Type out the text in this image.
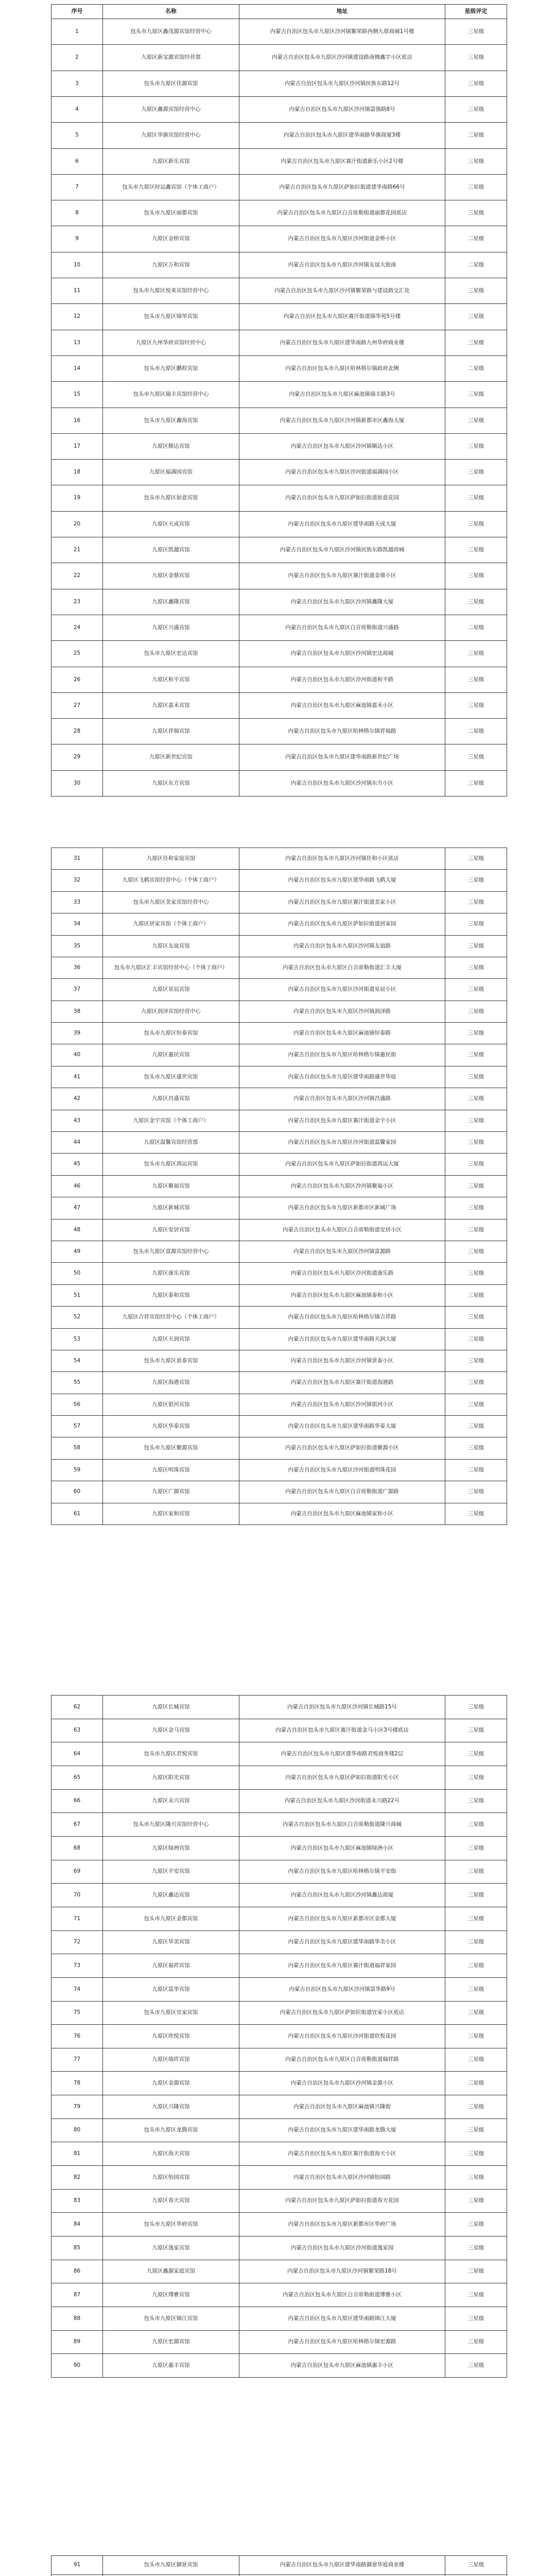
序号	名称	地址	星级评定
1	包头市九原区鑫茂源宾馆经营中心	内蒙古自治区包头市九原区沙河镇繁荣路西侧九原商城1号楼	三星级
2	九原区新宝源宾馆经营部	内蒙古自治区包头市九原区沙河镇建设路南侧鑫宇小区底店	三星级
3	包头市九原区佳源宾馆	内蒙古自治区包头市九原区沙河镇民族东路12号	三星级
4	九原区鑫源宾馆经营中心	内蒙古自治区包头市九原区沙河镇富强路8号	三星级
5	九原区华旗宾馆经营中心	内蒙古自治区包头市九原区建华南路华旗商厦3楼	三星级
6	九原区新乐宾馆	内蒙古自治区包头市九原区赛汗街道新乐小区2号楼	三星级
7	包头市九原区时运鑫宾馆（个体工商户）	内蒙古自治区包头市九原区萨如拉街道建华南路66号	三星级
8	包头市九原区丽都宾馆	内蒙古自治区包头市九原区白音席勒街道丽都花园底店	三星级
9	九原区金桥宾馆	内蒙古自治区包头市九原区沙河街道金桥小区	二星级
10	九原区万和宾馆	内蒙古自治区包头市九原区沙河镇友谊大街南	二星级
11	包头市九原区悦来宾馆经营中心	内蒙古自治区包头市九原区沙河镇繁荣路与建设路交汇处	三星级
12	包头市九原区锦华宾馆	内蒙古自治区包头市九原区赛汗街道锦华苑5号楼	三星级
13	九原区九州华府宾馆经营中心	内蒙古自治区包头市九原区建华南路九州华府商业楼	三星级
14	包头市九原区鹏程宾馆	内蒙古自治区包头市九原区哈林格尔镇政府北侧	二星级
15	包头市九原区瑞丰宾馆经营中心	内蒙古自治区包头市九原区麻池镇瑞丰路3号	三星级
16	包头市九原区鑫海宾馆	内蒙古自治区包头市九原区沙河镇新都市区鑫海大厦	三星级
17	九原区顺达宾馆	内蒙古自治区包头市九原区沙河镇顺达小区	三星级
18	九原区福满园宾馆	内蒙古自治区包头市九原区沙河街道福满园小区	三星级
19	包头市九原区如意宾馆	内蒙古自治区包头市九原区萨如拉街道如意花园	三星级
20	九原区天成宾馆	内蒙古自治区包头市九原区建华南路天成大厦	三星级
21	九原区凯越宾馆	内蒙古自治区包头市九原区沙河镇民族东路凯越商城	三星级
22	九原区金鼎宾馆	内蒙古自治区包头市九原区赛汗街道金鼎小区	三星级
23	九原区鑫隆宾馆	内蒙古自治区包头市九原区沙河镇鑫隆大厦	三星级
24	九原区兴盛宾馆	内蒙古自治区包头市九原区白音席勒街道兴盛路	二星级
25	包头市九原区宏达宾馆	内蒙古自治区包头市九原区沙河镇宏达商城	三星级
26	九原区和平宾馆	内蒙古自治区包头市九原区沙河街道和平路	三星级
27	九原区嘉禾宾馆	内蒙古自治区包头市九原区麻池镇嘉禾小区	三星级
28	九原区祥瑞宾馆	内蒙古自治区包头市九原区哈林格尔镇祥瑞路	二星级
29	九原区新世纪宾馆	内蒙古自治区包头市九原区建华南路新世纪广场	三星级
30	九原区东方宾馆	内蒙古自治区包头市九原区沙河镇东方小区	三星级
31	九原区佳和家庭宾馆	内蒙古自治区包头市九原区沙河镇佳和小区底店	三星级
32	九原区飞鹤宾馆经营中心（个体工商户）	内蒙古自治区包头市九原区建华南路飞鹤大厦	三星级
33	包头市九原区美家宾馆经营中心	内蒙古自治区包头市九原区赛汗街道美家小区	三星级
34	九原区居家宾馆（个体工商户）	内蒙古自治区包头市九原区萨如拉街道居家园	三星级
35	九原区友谊宾馆	内蒙古自治区包头市九原区沙河镇友谊路	三星级
36	包头市九原区汇丰宾馆经营中心（个体工商户）	内蒙古自治区包头市九原区白音席勒街道汇丰大厦	三星级
37	九原区星辰宾馆	内蒙古自治区包头市九原区沙河街道星辰小区	三星级
38	九原区润泽宾馆经营中心	内蒙古自治区包头市九原区沙河镇润泽路	三星级
39	包头市九原区恒泰宾馆	内蒙古自治区包头市九原区麻池镇恒泰路	三星级
40	九原区惠民宾馆	内蒙古自治区包头市九原区哈林格尔镇惠民街	三星级
41	包头市九原区盛世宾馆	内蒙古自治区包头市九原区建华南路盛世华庭	三星级
42	九原区昌盛宾馆	内蒙古自治区包头市九原区沙河镇昌盛路	三星级
43	九原区金宇宾馆（个体工商户）	内蒙古自治区包头市九原区赛汗街道金宇小区	三星级
44	九原区温馨宾馆经营部	内蒙古自治区包头市九原区沙河街道温馨家园	三星级
45	包头市九原区鸿运宾馆	内蒙古自治区包头市九原区萨如拉街道鸿运大厦	三星级
46	九原区聚福宾馆	内蒙古自治区包头市九原区沙河镇聚福小区	三星级
47	九原区新城宾馆	内蒙古自治区包头市九原区新都市区新城广场	三星级
48	九原区安居宾馆	内蒙古自治区包头市九原区白音席勒街道安居小区	三星级
49	包头市九原区富源宾馆经营中心	内蒙古自治区包头市九原区沙河镇富源路	三星级
50	九原区康乐宾馆	内蒙古自治区包头市九原区沙河街道康乐路	三星级
51	九原区泰和宾馆	内蒙古自治区包头市九原区麻池镇泰和小区	三星级
52	九原区吉祥宾馆经营中心（个体工商户）	内蒙古自治区包头市九原区哈林格尔镇吉祥路	三星级
53	九原区天润宾馆	内蒙古自治区包头市九原区建华南路天润大厦	三星级
54	包头市九原区景泰宾馆	内蒙古自治区包头市九原区沙河镇景泰小区	三星级
55	九原区海港宾馆	内蒙古自治区包头市九原区赛汗街道海港路	三星级
56	九原区银河宾馆	内蒙古自治区包头市九原区沙河镇银河小区	三星级
57	九原区华泰宾馆	内蒙古自治区包头市九原区建华南路华泰大厦	三星级
58	包头市九原区聚源宾馆	内蒙古自治区包头市九原区萨如拉街道聚源小区	三星级
59	九原区明珠宾馆	内蒙古自治区包头市九原区沙河街道明珠花园	三星级
60	九原区广源宾馆	内蒙古自治区包头市九原区白音席勒街道广源路	三星级
61	九原区家和宾馆	内蒙古自治区包头市九原区麻池镇家和小区	三星级
62	九原区长城宾馆	内蒙古自治区包头市九原区沙河镇长城路15号	三星级
63	九原区金马宾馆	内蒙古自治区包头市九原区赛汗街道金马小区3号楼底店	三星级
64	包头市九原区君悦宾馆	内蒙古自治区包头市九原区建华南路君悦商务楼2层	三星级
65	九原区阳光宾馆	内蒙古自治区包头市九原区萨如拉街道阳光小区	三星级
66	九原区永兴宾馆	内蒙古自治区包头市九原区沙河街道永兴路22号	三星级
67	包头市九原区隆兴宾馆经营中心	内蒙古自治区包头市九原区白音席勒街道隆兴商城	三星级
68	九原区绿洲宾馆	内蒙古自治区包头市九原区麻池镇绿洲小区	三星级
69	九原区平安宾馆	内蒙古自治区包头市九原区哈林格尔镇平安街	三星级
70	九原区鑫达宾馆	内蒙古自治区包头市九原区沙河镇鑫达商厦	三星级
71	包头市九原区金都宾馆	内蒙古自治区包头市九原区新都市区金都大厦	三星级
72	九原区华美宾馆	内蒙古自治区包头市九原区建华南路华美小区	三星级
73	九原区福祥宾馆	内蒙古自治区包头市九原区赛汗街道福祥家园	三星级
74	九原区富华宾馆	内蒙古自治区包头市九原区沙河镇富华路9号	三星级
75	包头市九原区宜家宾馆	内蒙古自治区包头市九原区萨如拉街道宜家小区底店	三星级
76	九原区欣悦宾馆	内蒙古自治区包头市九原区沙河街道欣悦花园	三星级
77	九原区瑞祥宾馆	内蒙古自治区包头市九原区白音席勒街道瑞祥路	三星级
78	九原区金源宾馆	内蒙古自治区包头市九原区沙河镇金源小区	三星级
79	九原区兴隆宾馆	内蒙古自治区包头市九原区麻池镇兴隆街	三星级
80	包头市九原区龙腾宾馆	内蒙古自治区包头市九原区建华南路龙腾大厦	三星级
81	九原区海天宾馆	内蒙古自治区包头市九原区赛汗街道海天小区	三星级
82	九原区怡园宾馆	内蒙古自治区包头市九原区沙河镇怡园路	三星级
83	九原区春天宾馆	内蒙古自治区包头市九原区萨如拉街道春天花园	三星级
84	包头市九原区华府宾馆	内蒙古自治区包头市九原区新都市区华府广场	三星级
85	九原区逸家宾馆	内蒙古自治区包头市九原区沙河街道逸家园	三星级
86	九原区鑫源家庭宾馆	内蒙古自治区包头市九原区沙河镇繁荣路18号	三星级
87	九原区博雅宾馆	内蒙古自治区包头市九原区白音席勒街道博雅小区	三星级
88	包头市九原区锦江宾馆	内蒙古自治区包头市九原区建华南路锦江大厦	三星级
89	九原区宏源宾馆	内蒙古自治区包头市九原区哈林格尔镇宏源路	三星级
90	九原区惠丰宾馆	内蒙古自治区包头市九原区麻池镇惠丰小区	三星级
91	包头市九原区御景宾馆	内蒙古自治区包头市九原区建华南路御景华庭商业楼	三星级
